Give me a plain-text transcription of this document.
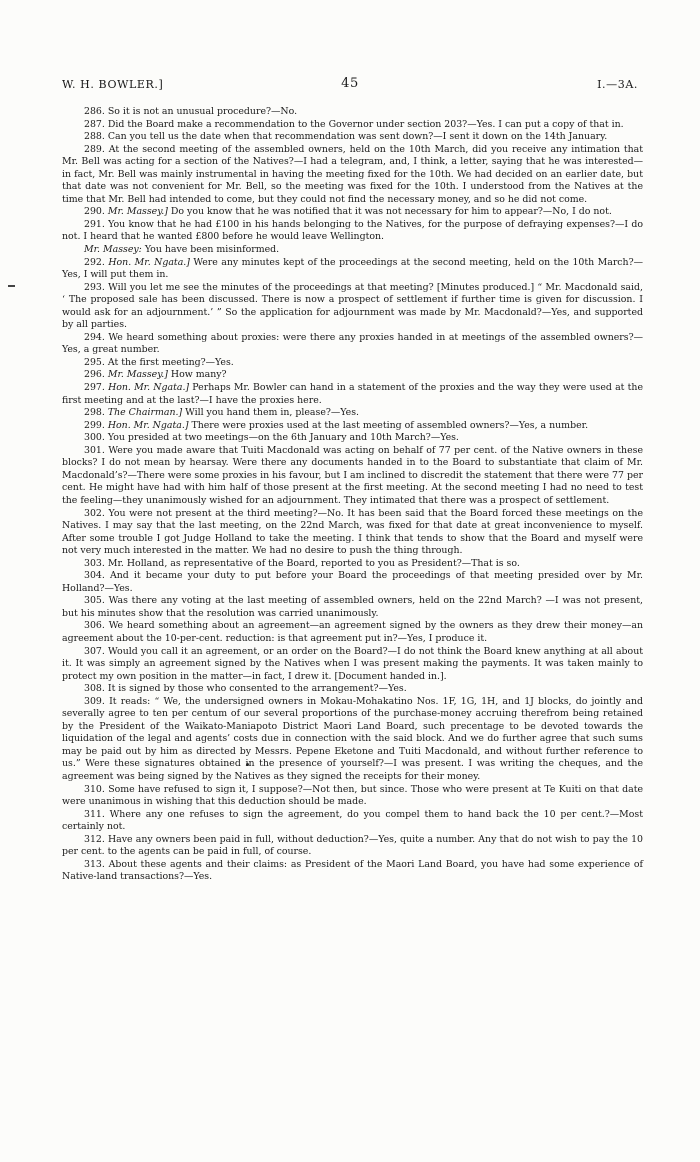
W. H. BOWLER.]	45	I.—3A.

286. So it is not an unusual procedure?—No.

287. Did the Board make a recommendation to the Governor under section 203?—Yes. I can put a copy of that in.

288. Can you tell us the date when that recommendation was sent down?—I sent it down on the 14th January.

289. At the second meeting of the assembled owners, held on the 10th March, did you receive any intimation that Mr. Bell was acting for a section of the Natives?—I had a telegram, and, I think, a letter, saying that he was interested—in fact, Mr. Bell was mainly instrumental in having the meeting fixed for the 10th. We had decided on an earlier date, but that date was not convenient for Mr. Bell, so the meeting was fixed for the 10th. I understood from the Natives at the time that Mr. Bell had intended to come, but they could not find the necessary money, and so he did not come.

290. Mr. Massey.] Do you know that he was notified that it was not necessary for him to appear?—No, I do not.

291. You know that he had £100 in his hands belonging to the Natives, for the purpose of defraying expenses?—I do not. I heard that he wanted £800 before he would leave Wellington.

Mr. Massey: You have been misinformed.

292. Hon. Mr. Ngata.] Were any minutes kept of the proceedings at the second meeting, held on the 10th March?—Yes, I will put them in.

293. Will you let me see the minutes of the proceedings at that meeting? [Minutes produced.] “ Mr. Macdonald said, ‘ The proposed sale has been discussed. There is now a prospect of settlement if further time is given for discussion. I would ask for an adjournment.’ ” So the application for adjournment was made by Mr. Macdonald?—Yes, and supported by all parties.

294. We heard something about proxies: were there any proxies handed in at meetings of the assembled owners?—Yes, a great number.

295. At the first meeting?—Yes.

296. Mr. Massey.] How many?

297. Hon. Mr. Ngata.] Perhaps Mr. Bowler can hand in a statement of the proxies and the way they were used at the first meeting and at the last?—I have the proxies here.

298. The Chairman.] Will you hand them in, please?—Yes.

299. Hon. Mr. Ngata.] There were proxies used at the last meeting of assembled owners?—Yes, a number.

300. You presided at two meetings—on the 6th January and 10th March?—Yes.

301. Were you made aware that Tuiti Macdonald was acting on behalf of 77 per cent. of the Native owners in these blocks? I do not mean by hearsay. Were there any documents handed in to the Board to substantiate that claim of Mr. Macdonald’s?—There were some proxies in his favour, but I am inclined to discredit the statement that there were 77 per cent. He might have had with him half of those present at the first meeting. At the second meeting I had no need to test the feeling—they unanimously wished for an adjournment. They intimated that there was a prospect of settlement.

302. You were not present at the third meeting?—No. It has been said that the Board forced these meetings on the Natives. I may say that the last meeting, on the 22nd March, was fixed for that date at great inconvenience to myself. After some trouble I got Judge Holland to take the meeting. I think that tends to show that the Board and myself were not very much interested in the matter. We had no desire to push the thing through.

303. Mr. Holland, as representative of the Board, reported to you as President?—That is so.

304. And it became your duty to put before your Board the proceedings of that meeting presided over by Mr. Holland?—Yes.

305. Was there any voting at the last meeting of assembled owners, held on the 22nd March? —I was not present, but his minutes show that the resolution was carried unanimously.

306. We heard something about an agreement—an agreement signed by the owners as they drew their money—an agreement about the 10-per-cent. reduction: is that agreement put in?—Yes, I produce it.

307. Would you call it an agreement, or an order on the Board?—I do not think the Board knew anything at all about it. It was simply an agreement signed by the Natives when I was present making the payments. It was taken mainly to protect my own position in the matter—in fact, I drew it. [Document handed in.].

308. It is signed by those who consented to the arrangement?—Yes.

309. It reads: “ We, the undersigned owners in Mokau-Mohakatino Nos. 1F, 1G, 1H, and 1J blocks, do jointly and severally agree to ten per centum of our several proportions of the purchase-money accruing therefrom being retained by the President of the Waikato-Maniapoto District Maori Land Board, such precentage to be devoted towards the liquidation of the legal and agents’ costs due in connection with the said block. And we do further agree that such sums may be paid out by him as directed by Messrs. Pepene Eketone and Tuiti Macdonald, and without further reference to us.” Were these signatures obtained in the presence of yourself?—I was present. I was writing the cheques, and the agreement was being signed by the Natives as they signed the receipts for their money.

310. Some have refused to sign it, I suppose?—Not then, but since. Those who were present at Te Kuiti on that date were unanimous in wishing that this deduction should be made.

311. Where any one refuses to sign the agreement, do you compel them to hand back the 10 per cent.?—Most certainly not.

312. Have any owners been paid in full, without deduction?—Yes, quite a number. Any that do not wish to pay the 10 per cent. to the agents can be paid in full, of course.

313. About these agents and their claims: as President of the Maori Land Board, you have had some experience of Native-land transactions?—Yes.
